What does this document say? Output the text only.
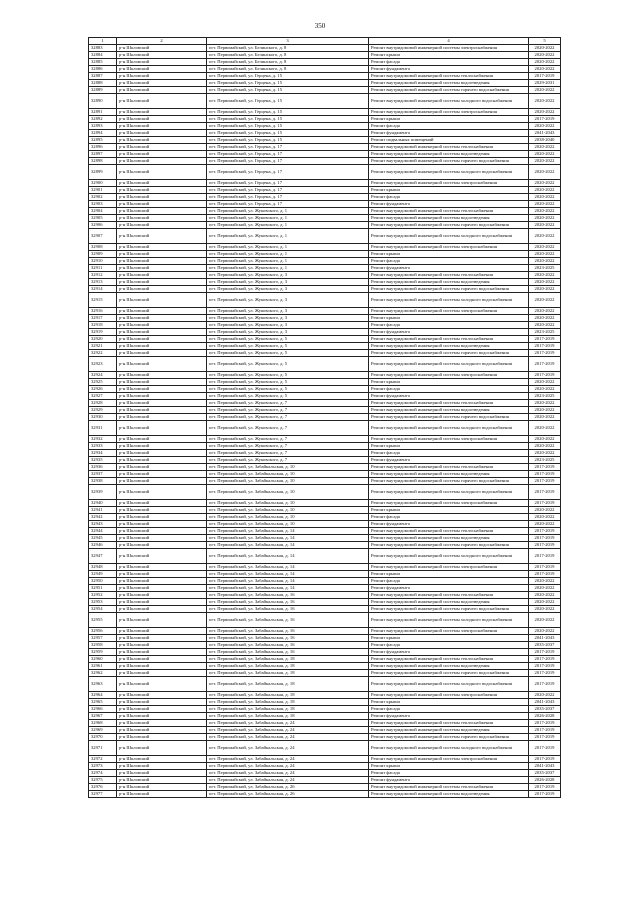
350
1	2	3	4	5
32883	р-н Шкловский	пгт. Первомайский, ул. Белинского, д. 8	Ремонт внутридомовой инженерной системы электроснабжения	2020-2022
32884	р-н Шкловский	пгт. Первомайский, ул. Белинского, д. 8	Ремонт крыши	2020-2022
32885	р-н Шкловский	пгт. Первомайский, ул. Белинского, д. 8	Ремонт фасада	2020-2022
32886	р-н Шкловский	пгт. Первомайский, ул. Белинского, д. 8	Ремонт фундамента	2020-2022
32887	р-н Шкловский	пгт. Первомайский, ул. Герцена, д. 15	Ремонт внутридомовой инженерной системы теплоснабжения	2017-2019
32888	р-н Шкловский	пгт. Первомайский, ул. Герцена, д. 15	Ремонт внутридомовой инженерной системы водоотведения	2029-2031
32889	р-н Шкловский	пгт. Первомайский, ул. Герцена, д. 15	Ремонт внутридомовой инженерной системы горячего водоснабжения	2020-2022
32890	р-н Шкловский	пгт. Первомайский, ул. Герцена, д. 15	Ремонт внутридомовой инженерной системы холодного водоснабжения	2020-2022
32891	р-н Шкловский	пгт. Первомайский, ул. Герцена, д. 15	Ремонт внутридомовой инженерной системы электроснабжения	2020-2022
32892	р-н Шкловский	пгт. Первомайский, ул. Герцена, д. 15	Ремонт крыши	2017-2019
32893	р-н Шкловский	пгт. Первомайский, ул. Герцена, д. 15	Ремонт фасада	2020-2022
32894	р-н Шкловский	пгт. Первомайский, ул. Герцена, д. 15	Ремонт фундамента	2041-2043
32895	р-н Шкловский	пгт. Первомайский, ул. Герцена, д. 15	Ремонт подвальных помещений	2038-2040
32896	р-н Шкловский	пгт. Первомайский, ул. Герцена, д. 17	Ремонт внутридомовой инженерной системы теплоснабжения	2020-2022
32897	р-н Шкловский	пгт. Первомайский, ул. Герцена, д. 17	Ремонт внутридомовой инженерной системы водоотведения	2020-2022
32898	р-н Шкловский	пгт. Первомайский, ул. Герцена, д. 17	Ремонт внутридомовой инженерной системы горячего водоснабжения	2020-2022
32899	р-н Шкловский	пгт. Первомайский, ул. Герцена, д. 17	Ремонт внутридомовой инженерной системы холодного водоснабжения	2020-2022
32900	р-н Шкловский	пгт. Первомайский, ул. Герцена, д. 17	Ремонт внутридомовой инженерной системы электроснабжения	2020-2022
32901	р-н Шкловский	пгт. Первомайский, ул. Герцена, д. 17	Ремонт крыши	2020-2022
32902	р-н Шкловский	пгт. Первомайский, ул. Герцена, д. 17	Ремонт фасада	2020-2022
32903	р-н Шкловский	пгт. Первомайский, ул. Герцена, д. 17	Ремонт фундамента	2020-2022
32904	р-н Шкловский	пгт. Первомайский, ул. Жуковского, д. 1	Ремонт внутридомовой инженерной системы теплоснабжения	2020-2022
32905	р-н Шкловский	пгт. Первомайский, ул. Жуковского, д. 1	Ремонт внутридомовой инженерной системы водоотведения	2020-2022
32906	р-н Шкловский	пгт. Первомайский, ул. Жуковского, д. 1	Ремонт внутридомовой инженерной системы горячего водоснабжения	2020-2022
32907	р-н Шкловский	пгт. Первомайский, ул. Жуковского, д. 1	Ремонт внутридомовой инженерной системы холодного водоснабжения	2020-2022
32908	р-н Шкловский	пгт. Первомайский, ул. Жуковского, д. 1	Ремонт внутридомовой инженерной системы электроснабжения	2020-2022
32909	р-н Шкловский	пгт. Первомайский, ул. Жуковского, д. 1	Ремонт крыши	2020-2022
32910	р-н Шкловский	пгт. Первомайский, ул. Жуковского, д. 1	Ремонт фасада	2020-2022
32911	р-н Шкловский	пгт. Первомайский, ул. Жуковского, д. 1	Ремонт фундамента	2023-2025
32912	р-н Шкловский	пгт. Первомайский, ул. Жуковского, д. 3	Ремонт внутридомовой инженерной системы теплоснабжения	2020-2022
32913	р-н Шкловский	пгт. Первомайский, ул. Жуковского, д. 3	Ремонт внутридомовой инженерной системы водоотведения	2020-2022
32914	р-н Шкловский	пгт. Первомайский, ул. Жуковского, д. 3	Ремонт внутридомовой инженерной системы горячего водоснабжения	2020-2022
32915	р-н Шкловский	пгт. Первомайский, ул. Жуковского, д. 3	Ремонт внутридомовой инженерной системы холодного водоснабжения	2020-2022
32916	р-н Шкловский	пгт. Первомайский, ул. Жуковского, д. 3	Ремонт внутридомовой инженерной системы электроснабжения	2020-2022
32917	р-н Шкловский	пгт. Первомайский, ул. Жуковского, д. 3	Ремонт крыши	2020-2022
32918	р-н Шкловский	пгт. Первомайский, ул. Жуковского, д. 3	Ремонт фасада	2020-2022
32919	р-н Шкловский	пгт. Первомайский, ул. Жуковского, д. 3	Ремонт фундамента	2023-2025
32920	р-н Шкловский	пгт. Первомайский, ул. Жуковского, д. 5	Ремонт внутридомовой инженерной системы теплоснабжения	2017-2019
32921	р-н Шкловский	пгт. Первомайский, ул. Жуковского, д. 5	Ремонт внутридомовой инженерной системы водоотведения	2017-2019
32922	р-н Шкловский	пгт. Первомайский, ул. Жуковского, д. 5	Ремонт внутридомовой инженерной системы горячего водоснабжения	2017-2019
32923	р-н Шкловский	пгт. Первомайский, ул. Жуковского, д. 5	Ремонт внутридомовой инженерной системы холодного водоснабжения	2017-2019
32924	р-н Шкловский	пгт. Первомайский, ул. Жуковского, д. 5	Ремонт внутридомовой инженерной системы электроснабжения	2017-2019
32925	р-н Шкловский	пгт. Первомайский, ул. Жуковского, д. 5	Ремонт крыши	2020-2022
32926	р-н Шкловский	пгт. Первомайский, ул. Жуковского, д. 5	Ремонт фасада	2020-2022
32927	р-н Шкловский	пгт. Первомайский, ул. Жуковского, д. 5	Ремонт фундамента	2023-2025
32928	р-н Шкловский	пгт. Первомайский, ул. Жуковского, д. 7	Ремонт внутридомовой инженерной системы теплоснабжения	2020-2022
32929	р-н Шкловский	пгт. Первомайский, ул. Жуковского, д. 7	Ремонт внутридомовой инженерной системы водоотведения	2020-2022
32930	р-н Шкловский	пгт. Первомайский, ул. Жуковского, д. 7	Ремонт внутридомовой инженерной системы горячего водоснабжения	2020-2022
32931	р-н Шкловский	пгт. Первомайский, ул. Жуковского, д. 7	Ремонт внутридомовой инженерной системы холодного водоснабжения	2020-2022
32932	р-н Шкловский	пгт. Первомайский, ул. Жуковского, д. 7	Ремонт внутридомовой инженерной системы электроснабжения	2020-2022
32933	р-н Шкловский	пгт. Первомайский, ул. Жуковского, д. 7	Ремонт крыши	2020-2022
32934	р-н Шкловский	пгт. Первомайский, ул. Жуковского, д. 7	Ремонт фасада	2020-2022
32935	р-н Шкловский	пгт. Первомайский, ул. Жуковского, д. 7	Ремонт фундамента	2023-2025
32936	р-н Шкловский	пгт. Первомайский, ул. Забайкальская, д. 10	Ремонт внутридомовой инженерной системы теплоснабжения	2017-2019
32937	р-н Шкловский	пгт. Первомайский, ул. Забайкальская, д. 10	Ремонт внутридомовой инженерной системы водоотведения	2017-2019
32938	р-н Шкловский	пгт. Первомайский, ул. Забайкальская, д. 10	Ремонт внутридомовой инженерной системы горячего водоснабжения	2017-2019
32939	р-н Шкловский	пгт. Первомайский, ул. Забайкальская, д. 10	Ремонт внутридомовой инженерной системы холодного водоснабжения	2017-2019
32940	р-н Шкловский	пгт. Первомайский, ул. Забайкальская, д. 10	Ремонт внутридомовой инженерной системы электроснабжения	2017-2019
32941	р-н Шкловский	пгт. Первомайский, ул. Забайкальская, д. 10	Ремонт крыши	2020-2022
32942	р-н Шкловский	пгт. Первомайский, ул. Забайкальская, д. 10	Ремонт фасада	2020-2022
32943	р-н Шкловский	пгт. Первомайский, ул. Забайкальская, д. 10	Ремонт фундамента	2020-2022
32944	р-н Шкловский	пгт. Первомайский, ул. Забайкальская, д. 14	Ремонт внутридомовой инженерной системы теплоснабжения	2017-2019
32945	р-н Шкловский	пгт. Первомайский, ул. Забайкальская, д. 14	Ремонт внутридомовой инженерной системы водоотведения	2017-2019
32946	р-н Шкловский	пгт. Первомайский, ул. Забайкальская, д. 14	Ремонт внутридомовой инженерной системы горячего водоснабжения	2017-2019
32947	р-н Шкловский	пгт. Первомайский, ул. Забайкальская, д. 14	Ремонт внутридомовой инженерной системы холодного водоснабжения	2017-2019
32948	р-н Шкловский	пгт. Первомайский, ул. Забайкальская, д. 14	Ремонт внутридомовой инженерной системы электроснабжения	2017-2019
32949	р-н Шкловский	пгт. Первомайский, ул. Забайкальская, д. 14	Ремонт крыши	2017-2019
32950	р-н Шкловский	пгт. Первомайский, ул. Забайкальская, д. 14	Ремонт фасада	2020-2022
32951	р-н Шкловский	пгт. Первомайский, ул. Забайкальская, д. 14	Ремонт фундамента	2020-2022
32952	р-н Шкловский	пгт. Первомайский, ул. Забайкальская, д. 16	Ремонт внутридомовой инженерной системы теплоснабжения	2020-2022
32953	р-н Шкловский	пгт. Первомайский, ул. Забайкальская, д. 16	Ремонт внутридомовой инженерной системы водоотведения	2020-2022
32954	р-н Шкловский	пгт. Первомайский, ул. Забайкальская, д. 16	Ремонт внутридомовой инженерной системы горячего водоснабжения	2020-2022
32955	р-н Шкловский	пгт. Первомайский, ул. Забайкальская, д. 16	Ремонт внутридомовой инженерной системы холодного водоснабжения	2020-2022
32956	р-н Шкловский	пгт. Первомайский, ул. Забайкальская, д. 16	Ремонт внутридомовой инженерной системы электроснабжения	2020-2022
32957	р-н Шкловский	пгт. Первомайский, ул. Забайкальская, д. 16	Ремонт крыши	2041-2043
32958	р-н Шкловский	пгт. Первомайский, ул. Забайкальская, д. 16	Ремонт фасада	2035-2037
32959	р-н Шкловский	пгт. Первомайский, ул. Забайкальская, д. 16	Ремонт фундамента	2017-2019
32960	р-н Шкловский	пгт. Первомайский, ул. Забайкальская, д. 18	Ремонт внутридомовой инженерной системы теплоснабжения	2017-2019
32961	р-н Шкловский	пгт. Первомайский, ул. Забайкальская, д. 18	Ремонт внутридомовой инженерной системы водоотведения	2017-2019
32962	р-н Шкловский	пгт. Первомайский, ул. Забайкальская, д. 18	Ремонт внутридомовой инженерной системы горячего водоснабжения	2017-2019
32963	р-н Шкловский	пгт. Первомайский, ул. Забайкальская, д. 18	Ремонт внутридомовой инженерной системы холодного водоснабжения	2017-2019
32964	р-н Шкловский	пгт. Первомайский, ул. Забайкальская, д. 18	Ремонт внутридомовой инженерной системы электроснабжения	2020-2022
32965	р-н Шкловский	пгт. Первомайский, ул. Забайкальская, д. 18	Ремонт крыши	2041-2043
32966	р-н Шкловский	пгт. Первомайский, ул. Забайкальская, д. 18	Ремонт фасада	2035-2037
32967	р-н Шкловский	пгт. Первомайский, ул. Забайкальская, д. 18	Ремонт фундамента	2026-2028
32968	р-н Шкловский	пгт. Первомайский, ул. Забайкальская, д. 24	Ремонт внутридомовой инженерной системы теплоснабжения	2017-2019
32969	р-н Шкловский	пгт. Первомайский, ул. Забайкальская, д. 24	Ремонт внутридомовой инженерной системы водоотведения	2017-2019
32970	р-н Шкловский	пгт. Первомайский, ул. Забайкальская, д. 24	Ремонт внутридомовой инженерной системы горячего водоснабжения	2017-2019
32971	р-н Шкловский	пгт. Первомайский, ул. Забайкальская, д. 24	Ремонт внутридомовой инженерной системы холодного водоснабжения	2017-2019
32972	р-н Шкловский	пгт. Первомайский, ул. Забайкальская, д. 24	Ремонт внутридомовой инженерной системы электроснабжения	2017-2019
32973	р-н Шкловский	пгт. Первомайский, ул. Забайкальская, д. 24	Ремонт крыши	2041-2043
32974	р-н Шкловский	пгт. Первомайский, ул. Забайкальская, д. 24	Ремонт фасада	2035-2037
32975	р-н Шкловский	пгт. Первомайский, ул. Забайкальская, д. 24	Ремонт фундамента	2026-2028
32976	р-н Шкловский	пгт. Первомайский, ул. Забайкальская, д. 26	Ремонт внутридомовой инженерной системы теплоснабжения	2017-2019
32977	р-н Шкловский	пгт. Первомайский, ул. Забайкальская, д. 26	Ремонт внутридомовой инженерной системы водоотведения	2017-2019
